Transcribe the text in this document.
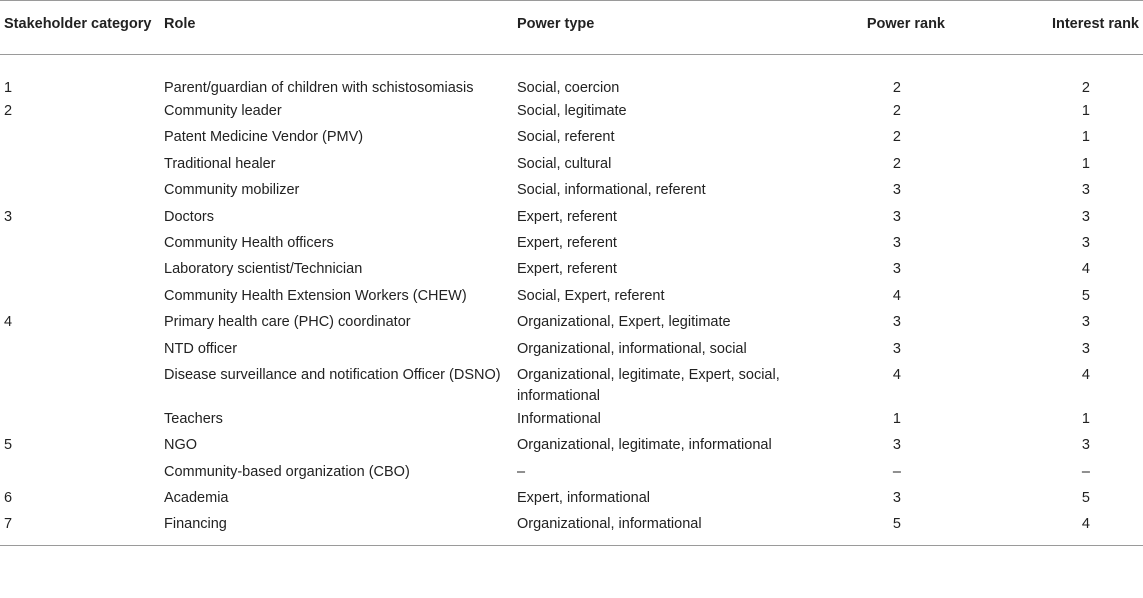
Stakeholder category	Role	Power type	Power rank	Interest rank
1	Parent/guardian of children with schistosomiasis	Social, coercion	2	2
2	Community leader	Social, legitimate	2	1
	Patent Medicine Vendor (PMV)	Social, referent	2	1
	Traditional healer	Social, cultural	2	1
	Community mobilizer	Social, informational, referent	3	3
3	Doctors	Expert, referent	3	3
	Community Health officers	Expert, referent	3	3
	Laboratory scientist/Technician	Expert, referent	3	4
	Community Health Extension Workers (CHEW)	Social, Expert, referent	4	5
4	Primary health care (PHC) coordinator	Organizational, Expert, legitimate	3	3
	NTD officer	Organizational, informational, social	3	3
	Disease surveillance and notification Officer (DSNO)	Organizational, legitimate, Expert, social, informational	4	4
	Teachers	Informational	1	1
5	NGO	Organizational, legitimate, informational	3	3
	Community-based organization (CBO)	–	–	–
6	Academia	Expert, informational	3	5
7	Financing	Organizational, informational	5	4
